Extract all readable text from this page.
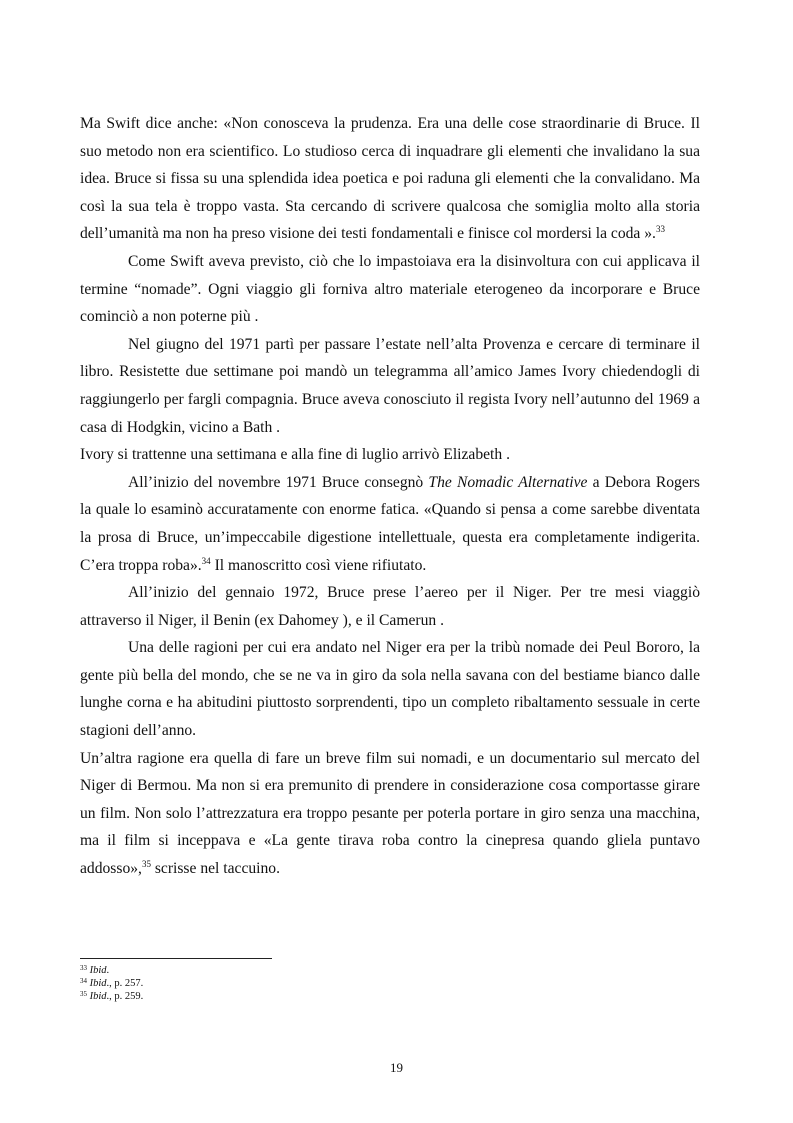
Ma Swift dice anche: «Non conosceva la prudenza. Era una delle cose straordinarie di Bruce. Il suo metodo non era scientifico. Lo studioso cerca di inquadrare gli elementi che invalidano la sua idea. Bruce si fissa su una splendida idea poetica e poi raduna gli elementi che la convalidano. Ma così la sua tela è troppo vasta. Sta cercando di scrivere qualcosa che somiglia molto alla storia dell’umanità ma non ha preso visione dei testi fondamentali e finisce col mordersi la coda ».$^{33}$

Come Swift aveva previsto, ciò che lo impastoiava era la disinvoltura con cui applicava il termine “nomade”. Ogni viaggio gli forniva altro materiale eterogeneo da incorporare e Bruce cominciò a non poterne più .

Nel giugno del 1971 partì per passare l’estate nell’alta Provenza e cercare di terminare il libro. Resistette due settimane poi mandò un telegramma all’amico James Ivory chiedendogli di raggiungerlo per fargli compagnia. Bruce aveva conosciuto il regista Ivory nell’autunno del 1969 a casa di Hodgkin, vicino a Bath .

Ivory si trattenne una settimana e alla fine di luglio arrivò Elizabeth .

All’inizio del novembre 1971 Bruce consegnò The Nomadic Alternative a Debora Rogers la quale lo esaminò accuratamente con enorme fatica. «Quando si pensa a come sarebbe diventata la prosa di Bruce, un’impeccabile digestione intellettuale, questa era completamente indigerita. C’era troppa roba».$^{34}$ Il manoscritto così viene rifiutato.

All’inizio del gennaio 1972, Bruce prese l’aereo per il Niger. Per tre mesi viaggiò attraverso il Niger, il Benin (ex Dahomey ), e il Camerun .

Una delle ragioni per cui era andato nel Niger era per la tribù nomade dei Peul Bororo, la gente più bella del mondo, che se ne va in giro da sola nella savana con del bestiame bianco dalle lunghe corna e ha abitudini piuttosto sorprendenti, tipo un completo ribaltamento sessuale in certe stagioni dell’anno.

Un’altra ragione era quella di fare un breve film sui nomadi, e un documentario sul mercato del Niger di Bermou. Ma non si era premunito di prendere in considerazione cosa comportasse girare un film. Non solo l’attrezzatura era troppo pesante per poterla portare in giro senza una macchina, ma il film si inceppava e «La gente tirava roba contro la cinepresa quando gliela puntavo addosso»,$^{35}$ scrisse nel taccuino.

$^{33}$ Ibid.
$^{34}$ Ibid., p. 257.
$^{35}$ Ibid., p. 259.
19
